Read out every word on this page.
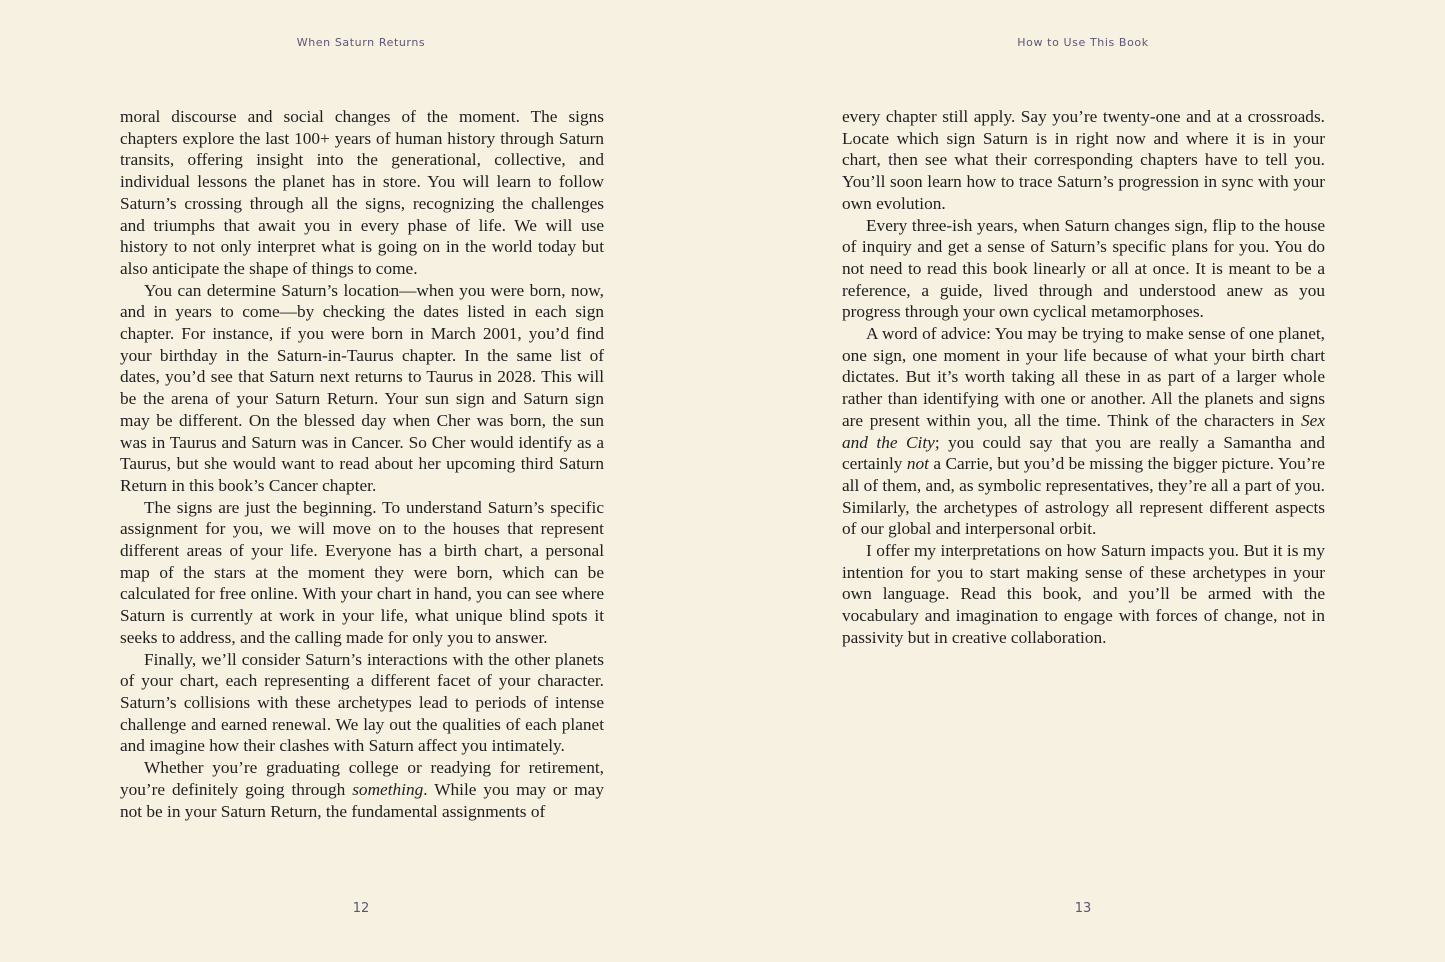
When Saturn Returns

moral discourse and social changes of the moment. The signs chapters explore the last 100+ years of human history through Saturn transits, offering insight into the generational, collective, and individual lessons the planet has in store. You will learn to follow Saturn’s crossing through all the signs, recognizing the challenges and triumphs that await you in every phase of life. We will use history to not only interpret what is going on in the world today but also anticipate the shape of things to come.

You can determine Saturn’s location—when you were born, now, and in years to come—by checking the dates listed in each sign chapter. For instance, if you were born in March 2001, you’d find your birthday in the Saturn-in-Taurus chapter. In the same list of dates, you’d see that Saturn next returns to Taurus in 2028. This will be the arena of your Saturn Return. Your sun sign and Saturn sign may be different. On the blessed day when Cher was born, the sun was in Taurus and Saturn was in Cancer. So Cher would identify as a Taurus, but she would want to read about her upcoming third Saturn Return in this book’s Cancer chapter.

The signs are just the beginning. To understand Saturn’s specific assignment for you, we will move on to the houses that represent different areas of your life. Everyone has a birth chart, a personal map of the stars at the moment they were born, which can be calculated for free online. With your chart in hand, you can see where Saturn is currently at work in your life, what unique blind spots it seeks to address, and the calling made for only you to answer.

Finally, we’ll consider Saturn’s interactions with the other planets of your chart, each representing a different facet of your character. Saturn’s collisions with these archetypes lead to periods of intense challenge and earned renewal. We lay out the qualities of each planet and imagine how their clashes with Saturn affect you intimately.

Whether you’re graduating college or readying for retirement, you’re definitely going through something. While you may or may not be in your Saturn Return, the fundamental assignments of

12
How to Use This Book

every chapter still apply. Say you’re twenty-one and at a crossroads. Locate which sign Saturn is in right now and where it is in your chart, then see what their corresponding chapters have to tell you. You’ll soon learn how to trace Saturn’s progression in sync with your own evolution.

Every three-ish years, when Saturn changes sign, flip to the house of inquiry and get a sense of Saturn’s specific plans for you. You do not need to read this book linearly or all at once. It is meant to be a reference, a guide, lived through and understood anew as you progress through your own cyclical metamorphoses.

A word of advice: You may be trying to make sense of one planet, one sign, one moment in your life because of what your birth chart dictates. But it’s worth taking all these in as part of a larger whole rather than identifying with one or another. All the planets and signs are present within you, all the time. Think of the characters in Sex and the City; you could say that you are really a Samantha and certainly not a Carrie, but you’d be missing the bigger picture. You’re all of them, and, as symbolic representatives, they’re all a part of you. Similarly, the archetypes of astrology all represent different aspects of our global and interpersonal orbit.

I offer my interpretations on how Saturn impacts you. But it is my intention for you to start making sense of these archetypes in your own language. Read this book, and you’ll be armed with the vocabulary and imagination to engage with forces of change, not in passivity but in creative collaboration.

13
